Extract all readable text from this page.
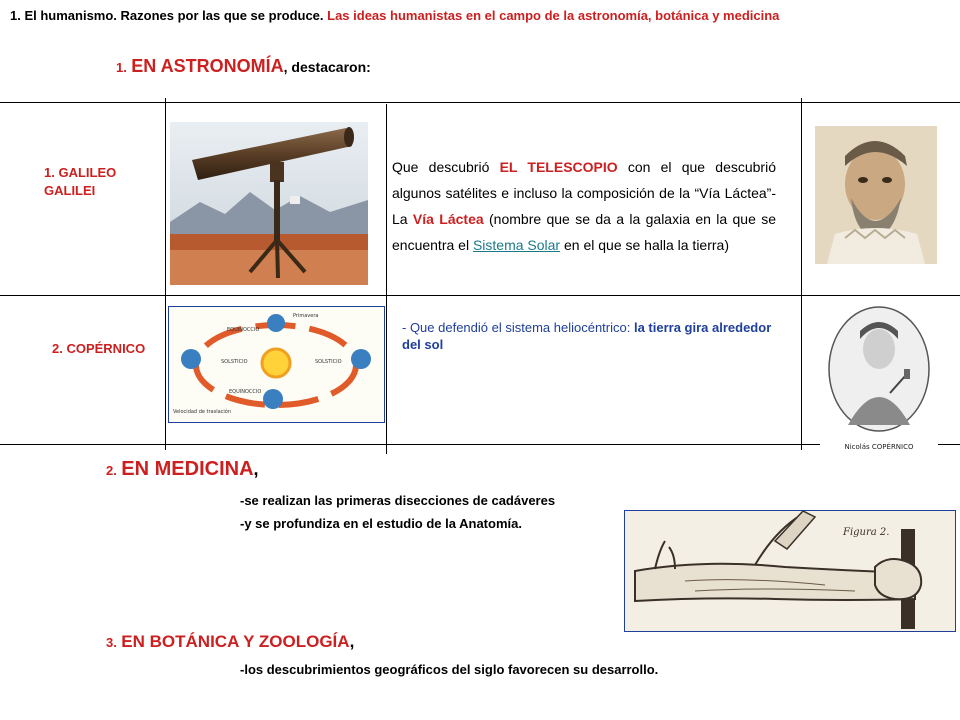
1. El humanismo. Razones por las que se produce. Las ideas humanistas en el campo de la astronomía, botánica y medicina
1. EN ASTRONOMÍA, destacaron:
1. GALILEO GALILEI
Que descubrió EL TELESCOPIO con el que descubrió algunos satélites e incluso la composición de la “Vía Láctea”-La Vía Láctea (nombre que se da a la galaxia en la que se encuentra el Sistema Solar en el que se halla la tierra)
2. COPÉRNICO
Primavera
EQUINOCCIO
SOLSTICIO	SOLSTICIO
EQUINOCCIO
Velocidad de traslación
- Que defendió el sistema heliocéntrico: la tierra gira alrededor del sol
Nicolás COPÉRNICO
2. EN MEDICINA,
-se realizan las primeras disecciones de cadáveres
-y se profundiza en el estudio de la Anatomía.
Figura 2.
3. EN BOTÁNICA Y ZOOLOGÍA,
-los descubrimientos geográficos del siglo favorecen su desarrollo.
